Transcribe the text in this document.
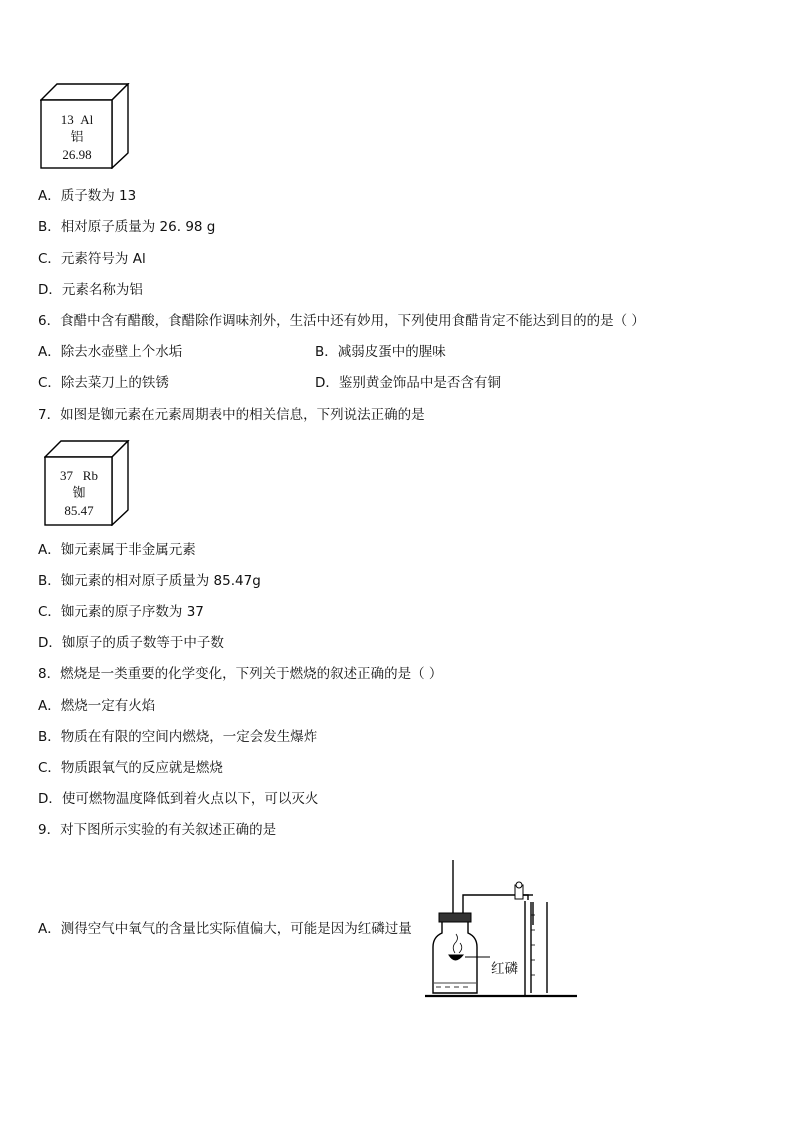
13 Al
铝
26.98
A．质子数为 13
B．相对原子质量为 26. 98 g
C．元素符号为 Al
D．元素名称为铝
6．食醋中含有醋酸，食醋除作调味剂外，生活中还有妙用，下列使用食醋肯定不能达到目的的是（ ）
A．除去水壶壁上个水垢	B．减弱皮蛋中的腥味
C．除去菜刀上的铁锈	D．鉴别黄金饰品中是否含有铜
7．如图是铷元素在元素周期表中的相关信息，下列说法正确的是
37 Rb
铷
85.47
A．铷元素属于非金属元素
B．铷元素的相对原子质量为 85.47g
C．铷元素的原子序数为 37
D．铷原子的质子数等于中子数
8．燃烧是一类重要的化学变化，下列关于燃烧的叙述正确的是（ ）
A．燃烧一定有火焰
B．物质在有限的空间内燃烧，一定会发生爆炸
C．物质跟氧气的反应就是燃烧
D．使可燃物温度降低到着火点以下，可以灭火
9．对下图所示实验的有关叙述正确的是
A．测得空气中氧气的含量比实际值偏大，可能是因为红磷过量
红磷
